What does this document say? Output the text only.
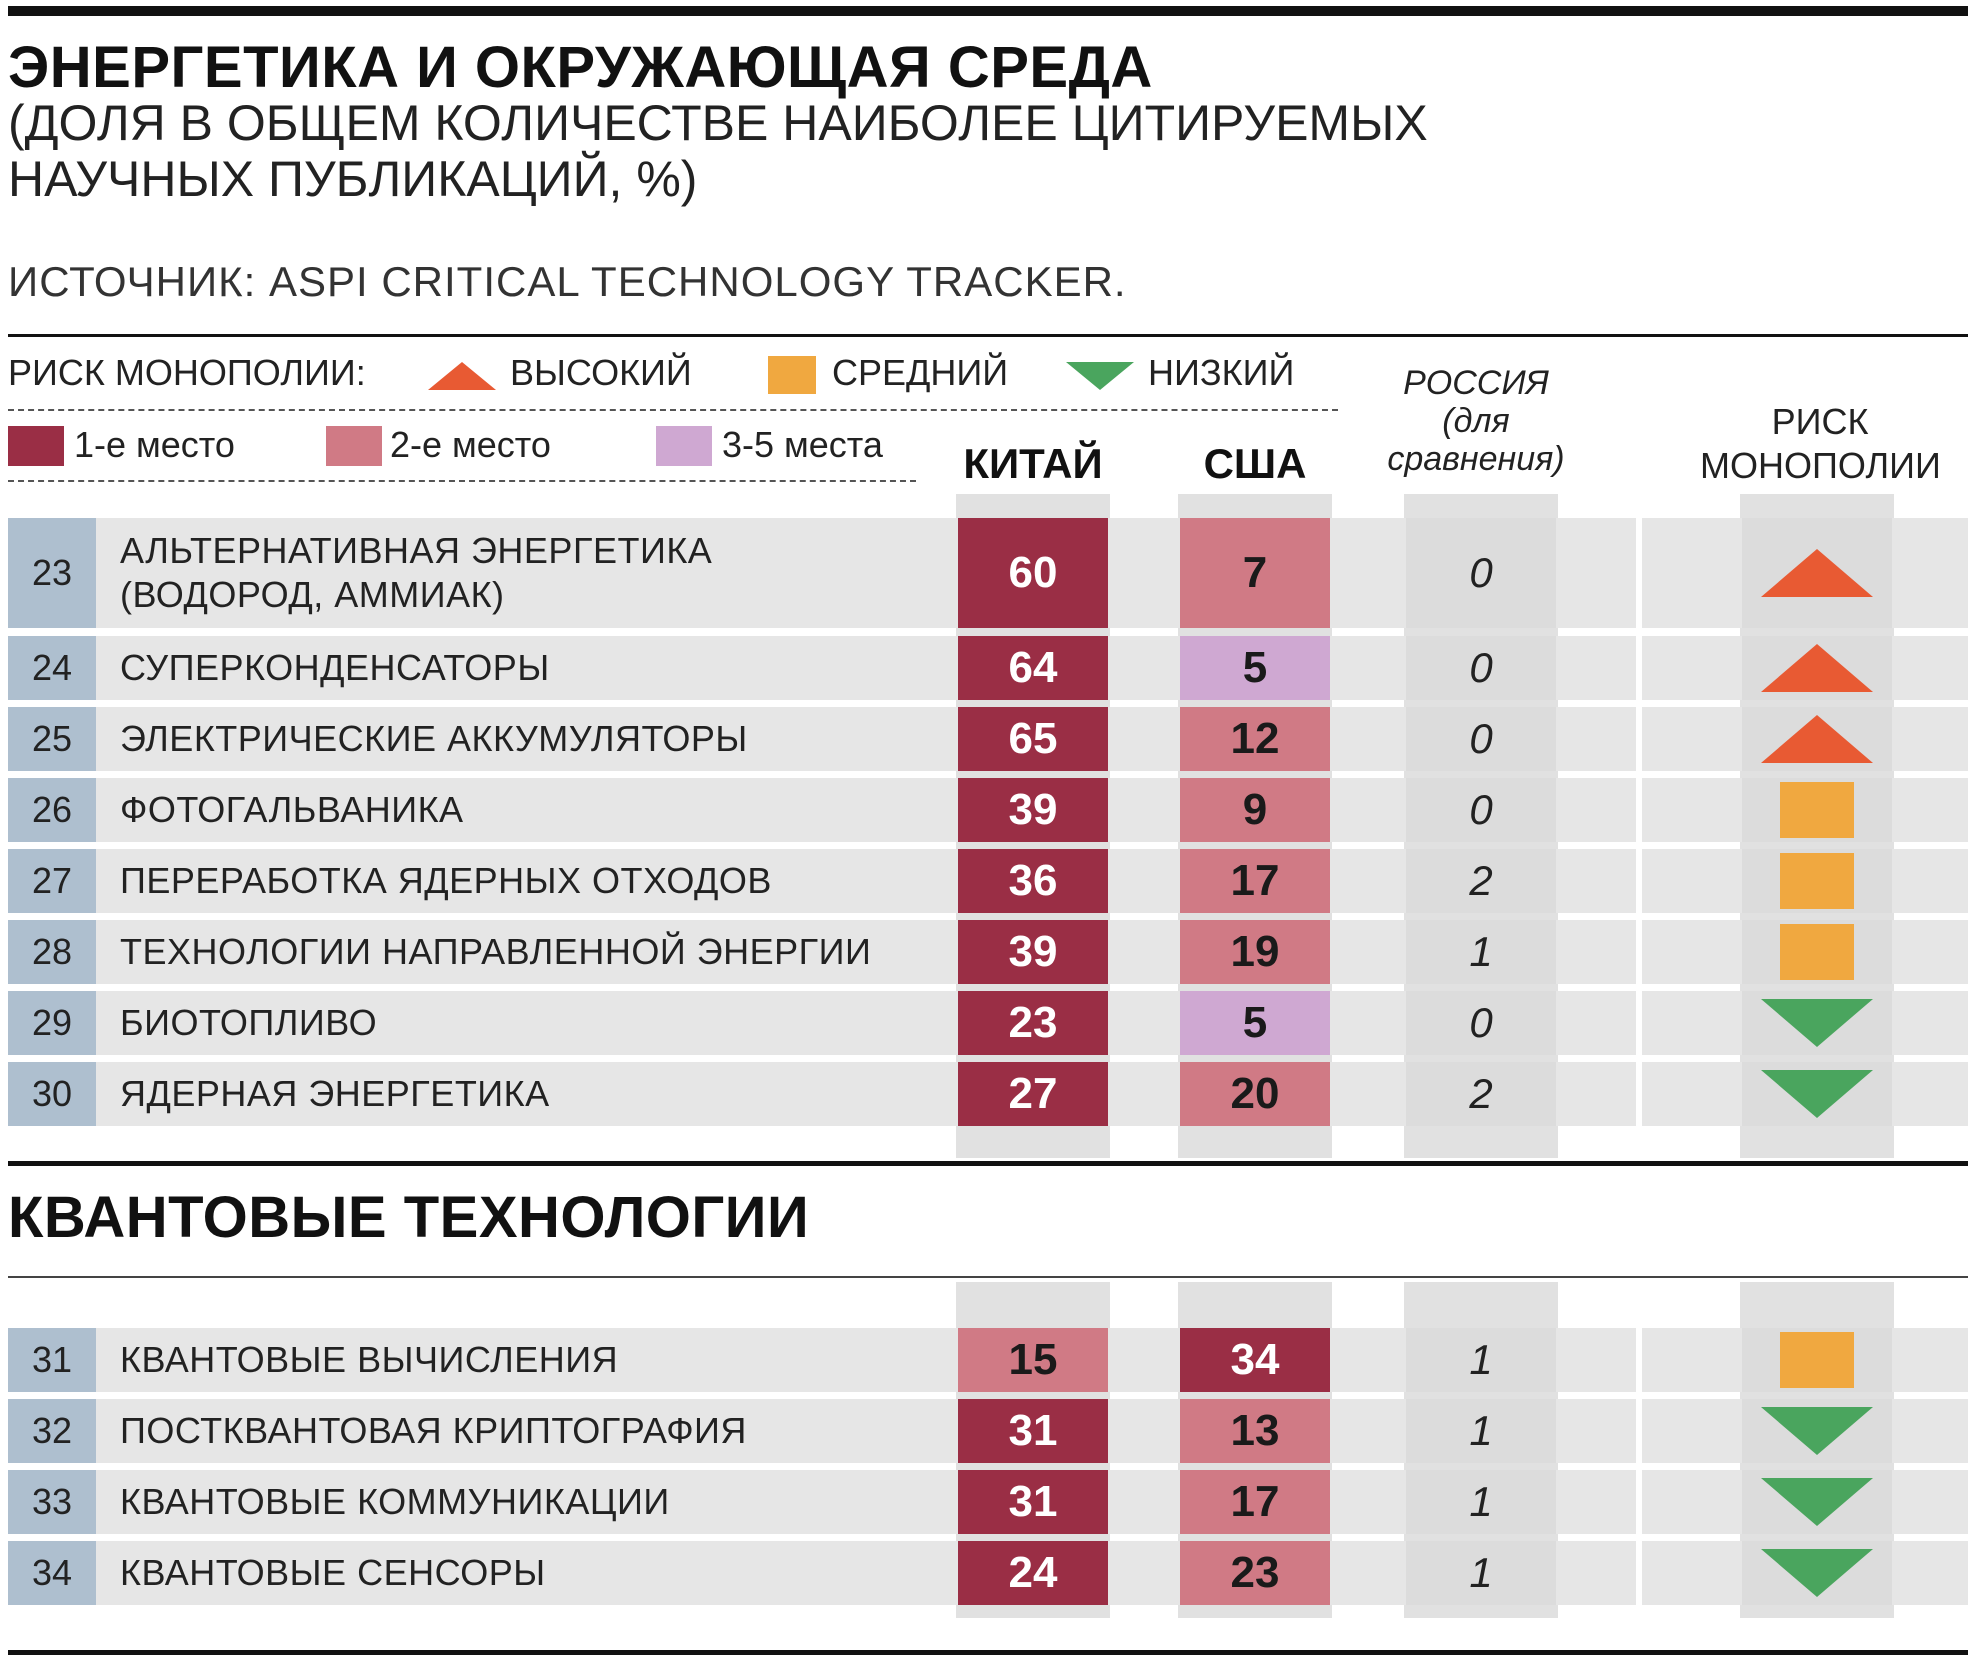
ЭНЕРГЕТИКА И ОКРУЖАЮЩАЯ СРЕДА
(ДОЛЯ В ОБЩЕМ КОЛИЧЕСТВЕ НАИБОЛЕЕ ЦИТИРУЕМЫХ
НАУЧНЫХ ПУБЛИКАЦИЙ, %)
ИСТОЧНИК: ASPI CRITICAL TECHNOLOGY TRACKER.
РИСК МОНОПОЛИИ:	ВЫСОКИЙ	СРЕДНИЙ	НИЗКИЙ
1-е место	2-е место	3-5 места КИТАЙ	США
РОССИЯ
(для
сравнения)
РИСК
МОНОПОЛИИ
КВАНТОВЫЕ ТЕХНОЛОГИИ
23
АЛЬТЕРНАТИВНАЯ ЭНЕРГЕТИКА
(ВОДОРОД, АММИАК)	60	7	0
24	СУПЕРКОНДЕНСАТОРЫ	64	5	0
25	ЭЛЕКТРИЧЕСКИЕ АККУМУЛЯТОРЫ	65	12	0
26	ФОТОГАЛЬВАНИКА	39	9	0
27	ПЕРЕРАБОТКА ЯДЕРНЫХ ОТХОДОВ	36	17	2
28	ТЕХНОЛОГИИ НАПРАВЛЕННОЙ ЭНЕРГИИ	39	19	1
29	БИОТОПЛИВО	23	5	0
30	ЯДЕРНАЯ ЭНЕРГЕТИКА	27	20	2
31	КВАНТОВЫЕ ВЫЧИСЛЕНИЯ	15	34	1
32	ПОСТКВАНТОВАЯ КРИПТОГРАФИЯ	31	13	1
33	КВАНТОВЫЕ КОММУНИКАЦИИ	31	17	1
34	КВАНТОВЫЕ СЕНСОРЫ	24	23	1
